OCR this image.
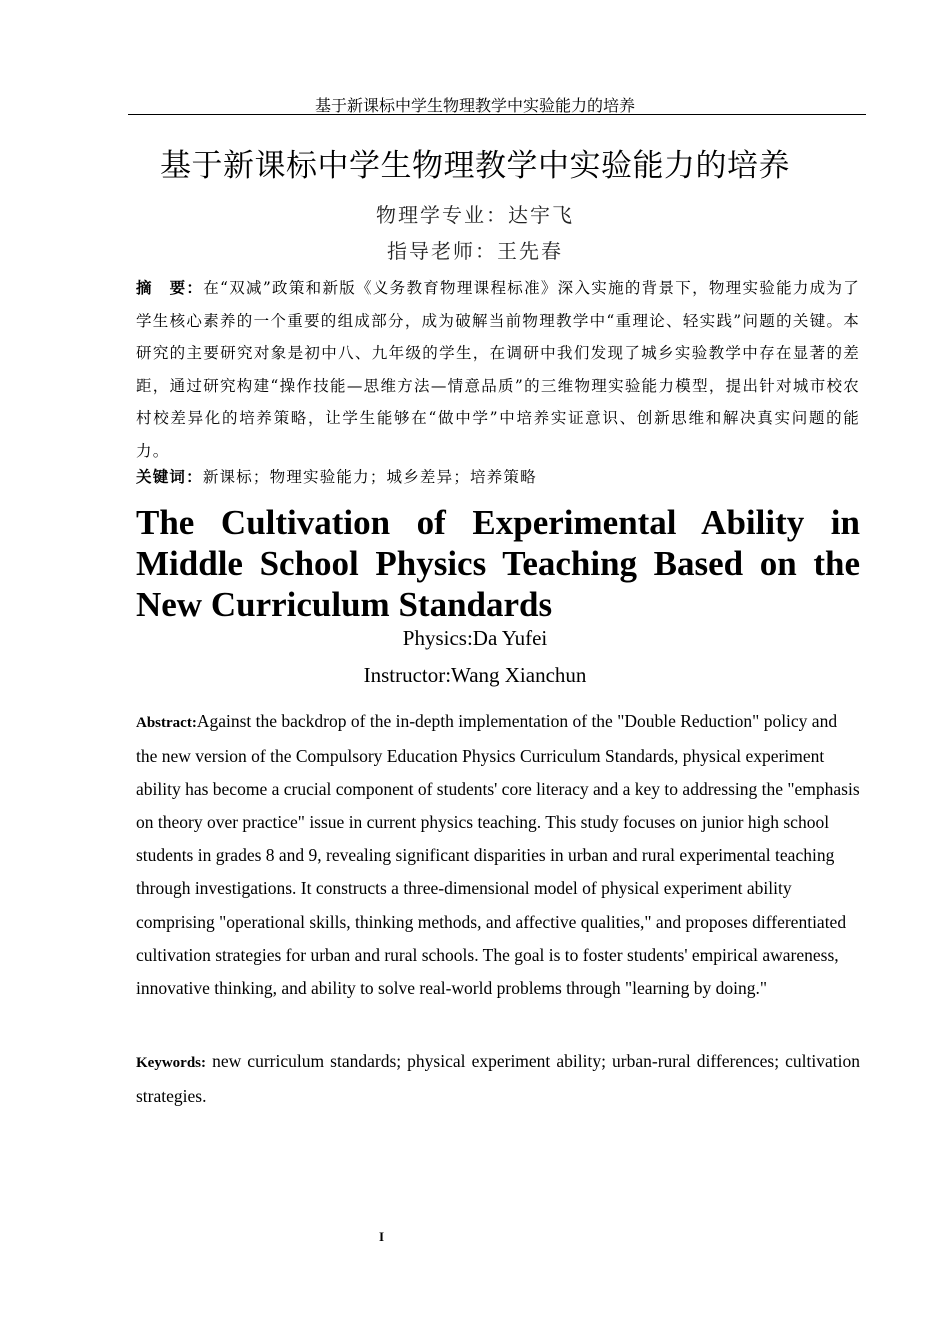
基于新课标中学生物理教学中实验能力的培养
基于新课标中学生物理教学中实验能力的培养
物理学专业：达宇飞
指导老师：王先春
摘　要：在“双减”政策和新版《义务教育物理课程标准》深入实施的背景下，物理实验能力成为了学生核心素养的一个重要的组成部分，成为破解当前物理教学中“重理论、轻实践”问题的关键。本研究的主要研究对象是初中八、九年级的学生，在调研中我们发现了城乡实验教学中存在显著的差距，通过研究构建“操作技能—思维方法—情意品质”的三维物理实验能力模型，提出针对城市校农村校差异化的培养策略，让学生能够在“做中学”中培养实证意识、创新思维和解决真实问题的能力。
关键词：新课标；物理实验能力；城乡差异；培养策略
The Cultivation of Experimental Ability in Middle School Physics Teaching Based on the New Curriculum Standards
Physics:Da Yufei
Instructor:Wang Xianchun
Abstract:Against the backdrop of the in-depth implementation of the "Double Reduction" policy and the new version of the Compulsory Education Physics Curriculum Standards, physical experiment ability has become a crucial component of students' core literacy and a key to addressing the "emphasis on theory over practice" issue in current physics teaching. This study focuses on junior high school students in grades 8 and 9, revealing significant disparities in urban and rural experimental teaching through investigations. It constructs a three-dimensional model of physical experiment ability comprising "operational skills, thinking methods, and affective qualities," and proposes differentiated cultivation strategies for urban and rural schools. The goal is to foster students' empirical awareness, innovative thinking, and ability to solve real-world problems through "learning by doing."
Keywords: new curriculum standards; physical experiment ability; urban-rural differences; cultivation strategies.
I
